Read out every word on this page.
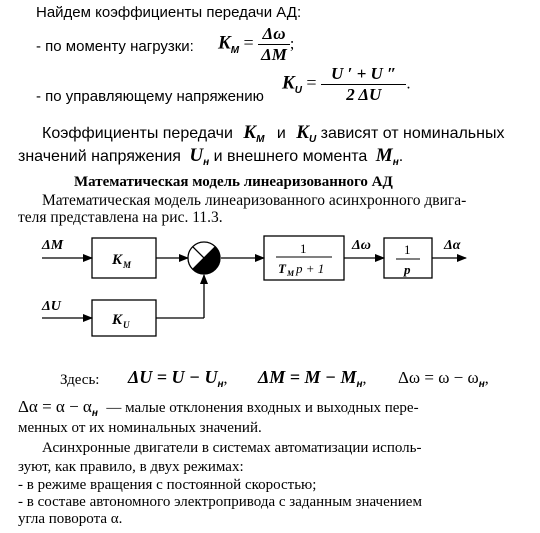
Найдем коэффициенты передачи АД:
- по моменту нагрузки: $K_M = \frac{\Delta\omega}{\Delta M}$ ;
- по управляющему напряжению
$K_U = \frac{U ' + U ''}{2 \Delta U}$ .
Коэффициенты передачи $K_M$ и $K_U$ зависят от номинальных
значений напряжения $U_н$ и внешнего момента $M_н$.
Математическая модель линеаризованного АД
Математическая модель линеаризованного асинхронного двига-
теля представлена на рис. 11.3.
ΔM
ΔU
K M
K U
1
T M p + 1
Δω	1
p
Δα
Здесь: $\Delta U = U - U_н$, $\Delta M = M - M_н$, $\Delta\omega = \omega - \omega_н$,
$\Delta\alpha = \alpha - \alpha_н$ — малые отклонения входных и выходных пере-
менных от их номинальных значений.
Асинхронные двигатели в системах автоматизации исполь-
зуют, как правило, в двух режимах:
- в режиме вращения с постоянной скоростью;
- в составе автономного электропривода с заданным значением
угла поворота α.
